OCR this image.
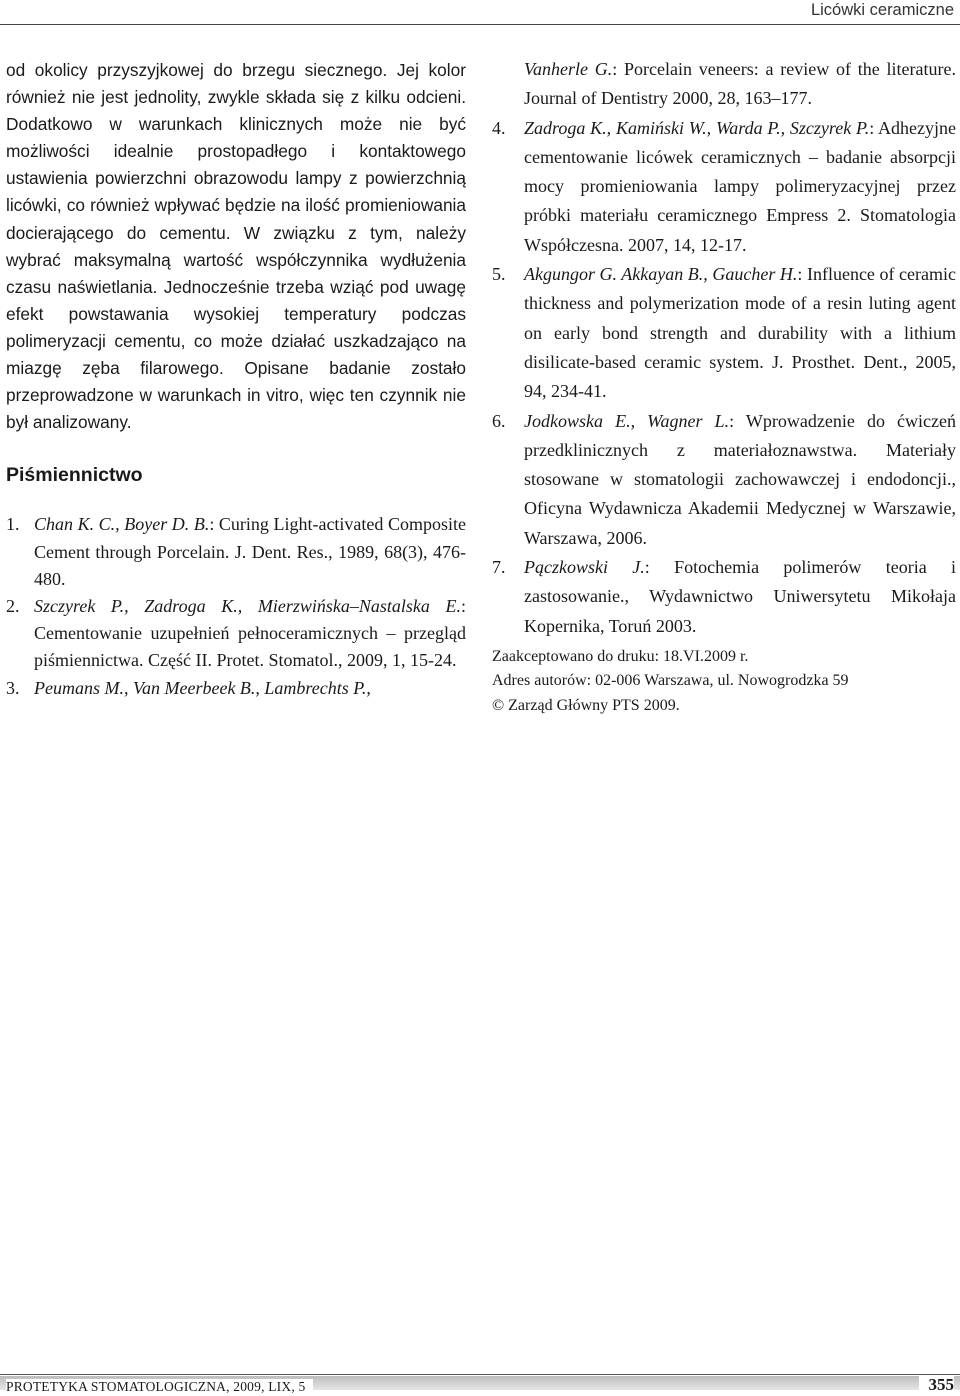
Licówki ceramiczne

od okolicy przyszyjkowej do brzegu siecznego. Jej kolor również nie jest jednolity, zwykle składa się z kilku odcieni. Dodatkowo w warunkach klinicznych może nie być możliwości idealnie prostopadłego i kontaktowego ustawienia powierzchni obrazowodu lampy z powierzchnią licówki, co również wpływać będzie na ilość promieniowania docierającego do cementu. W związku z tym, należy wybrać maksymalną wartość współczynnika wydłużenia czasu naświetlania. Jednocześnie trzeba wziąć pod uwagę efekt powstawania wysokiej temperatury podczas polimeryzacji cementu, co może działać uszkadzająco na miazgę zęba filarowego. Opisane badanie zostało przeprowadzone w warunkach in vitro, więc ten czynnik nie był analizowany.

Piśmiennictwo
1. Chan K. C., Boyer D. B.: Curing Light-activated Composite Cement through Porcelain. J. Dent. Res., 1989, 68(3), 476-480.
2. Szczyrek P., Zadroga K., Mierzwińska–Nastalska E.: Cementowanie uzupełnień pełnoceramicznych – przegląd piśmiennictwa. Część II. Protet. Stomatol., 2009, 1, 15-24.
3. Peumans M., Van Meerbeek B., Lambrechts P.,
Vanherle G.: Porcelain veneers: a review of the literature. Journal of Dentistry 2000, 28, 163–177.
4. Zadroga K., Kamiński W., Warda P., Szczyrek P.: Adhezyjne cementowanie licówek ceramicznych – badanie absorpcji mocy promieniowania lampy polimeryzacyjnej przez próbki materiału ceramicznego Empress 2. Stomatologia Współczesna. 2007, 14, 12-17.
5. Akgungor G. Akkayan B., Gaucher H.: Influence of ceramic thickness and polymerization mode of a resin luting agent on early bond strength and durability with a lithium disilicate-based ceramic system. J. Prosthet. Dent., 2005, 94, 234-41.
6. Jodkowska E., Wagner L.: Wprowadzenie do ćwiczeń przedklinicznych z materiałoznawstwa. Materiały stosowane w stomatologii zachowawczej i endodoncji., Oficyna Wydawnicza Akademii Medycznej w Warszawie, Warszawa, 2006.
7. Pączkowski J.: Fotochemia polimerów teoria i zastosowanie., Wydawnictwo Uniwersytetu Mikołaja Kopernika, Toruń 2003.
Zaakceptowano do druku: 18.VI.2009 r.
Adres autorów: 02-006 Warszawa, ul. Nowogrodzka 59
© Zarząd Główny PTS 2009.
PROTETYKA STOMATOLOGICZNA, 2009, LIX, 5	355
